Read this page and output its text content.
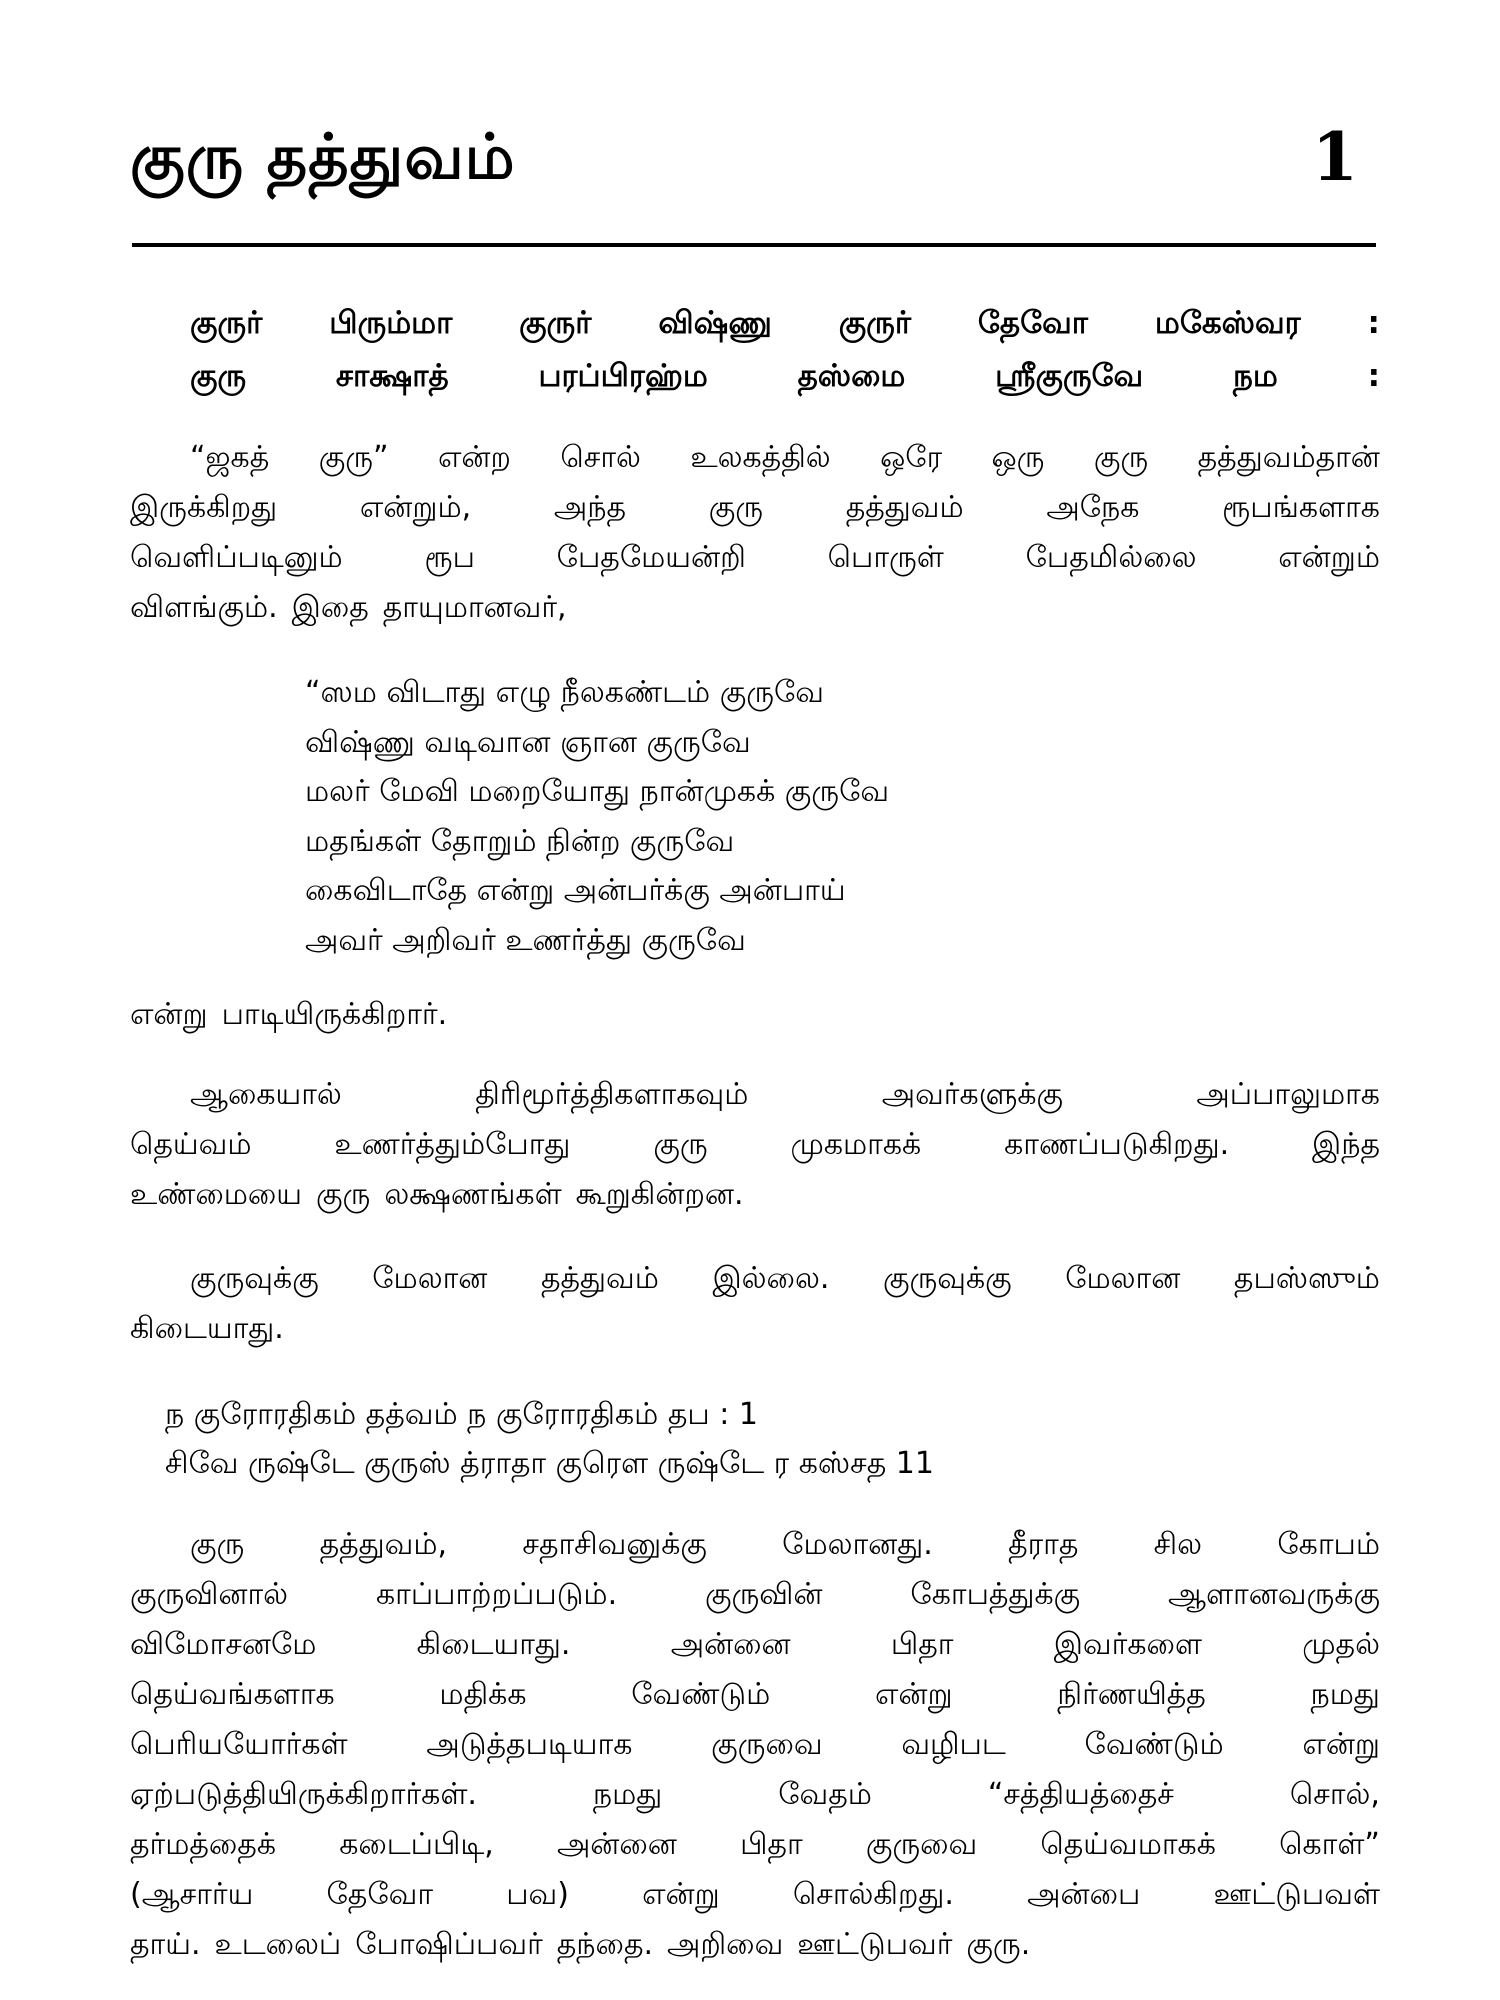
குரு தத்துவம்	1
குருர் பிரும்மா குருர் விஷ்ணு குருர் தேவோ மகேஸ்வர :
குரு	சாக்ஷாத்	பரப்பிரஹ்ம	தஸ்மை	ஸ்ரீகுருவே	நம	:
“ஜகத் குரு” என்ற சொல் உலகத்தில் ஒரே ஒரு குரு தத்துவம்தான்
இருக்கிறது	என்றும்,	அந்த	குரு	தத்துவம்	அநேக	ரூபங்களாக
வெளிப்படினும்	ரூப	பேதமேயன்றி	பொருள்	பேதமில்லை	என்றும்
விளங்கும். இதை தாயுமானவர்,
“ஸம விடாது எழு நீலகண்டம் குருவே
விஷ்ணு வடிவான ஞான குருவே
மலர் மேவி மறையோது நான்முகக் குருவே
மதங்கள் தோறும் நின்ற குருவே
கைவிடாதே என்று அன்பர்க்கு அன்பாய்
அவர் அறிவர் உணர்த்து குருவே
என்று பாடியிருக்கிறார்.
ஆகையால்	திரிமூர்த்திகளாகவும்	அவர்களுக்கு	அப்பாலுமாக
தெய்வம்	உணர்த்தும்போது	குரு	முகமாகக்	காணப்படுகிறது.	இந்த
உண்மையை குரு லக்ஷணங்கள் கூறுகின்றன.
குருவுக்கு மேலான தத்துவம் இல்லை. குருவுக்கு மேலான தபஸ்ஸும்
கிடையாது.
ந குரோரதிகம் தத்வம் ந குரோரதிகம் தப : 1
சிவே ருஷ்டே குருஸ் த்ராதா குரௌ ருஷ்டே ர கஸ்சத 11
குரு	தத்துவம்,	சதாசிவனுக்கு	மேலானது.	தீராத	சில	கோபம்
குருவினால்	காப்பாற்றப்படும்.	குருவின்	கோபத்துக்கு	ஆளானவருக்கு
விமோசனமே	கிடையாது.	அன்னை	பிதா	இவர்களை	முதல்
தெய்வங்களாக	மதிக்க	வேண்டும்	என்று	நிர்ணயித்த	நமது
பெரியயோர்கள்	அடுத்தபடியாக	குருவை	வழிபட	வேண்டும்	என்று
ஏற்படுத்தியிருக்கிறார்கள்.	நமது	வேதம்	“சத்தியத்தைச்	சொல்,
தர்மத்தைக் கடைப்பிடி, அன்னை பிதா குருவை தெய்வமாகக் கொள்”
(ஆசார்ய தேவோ பவ) என்று சொல்கிறது. அன்பை ஊட்டுபவள்
தாய். உடலைப் போஷிப்பவர் தந்தை. அறிவை ஊட்டுபவர் குரு.
